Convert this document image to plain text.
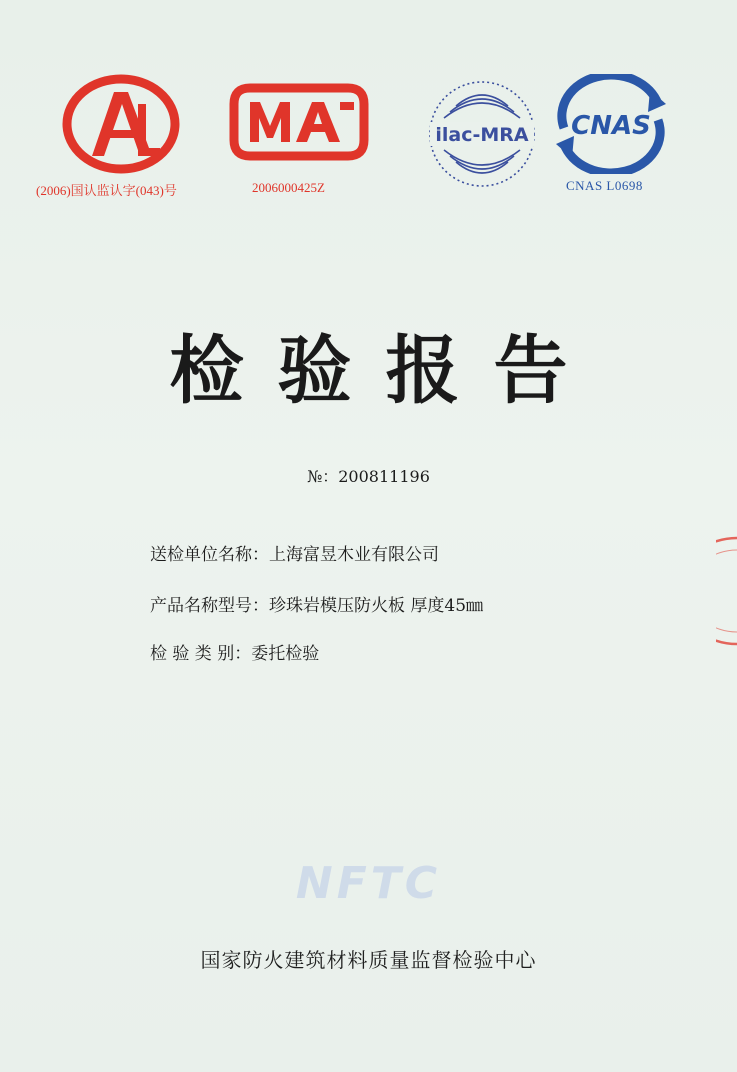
(2006)国认监认字(043)号	2006000425Z
ilac-MRA CNAS
CNAS L0698
检验报告
№：200811196
送检单位名称：上海富昱木业有限公司
产品名称型号：珍珠岩模压防火板 厚度45㎜
检 验 类 别：委托检验
NFTC
国家防火建筑材料质量监督检验中心
